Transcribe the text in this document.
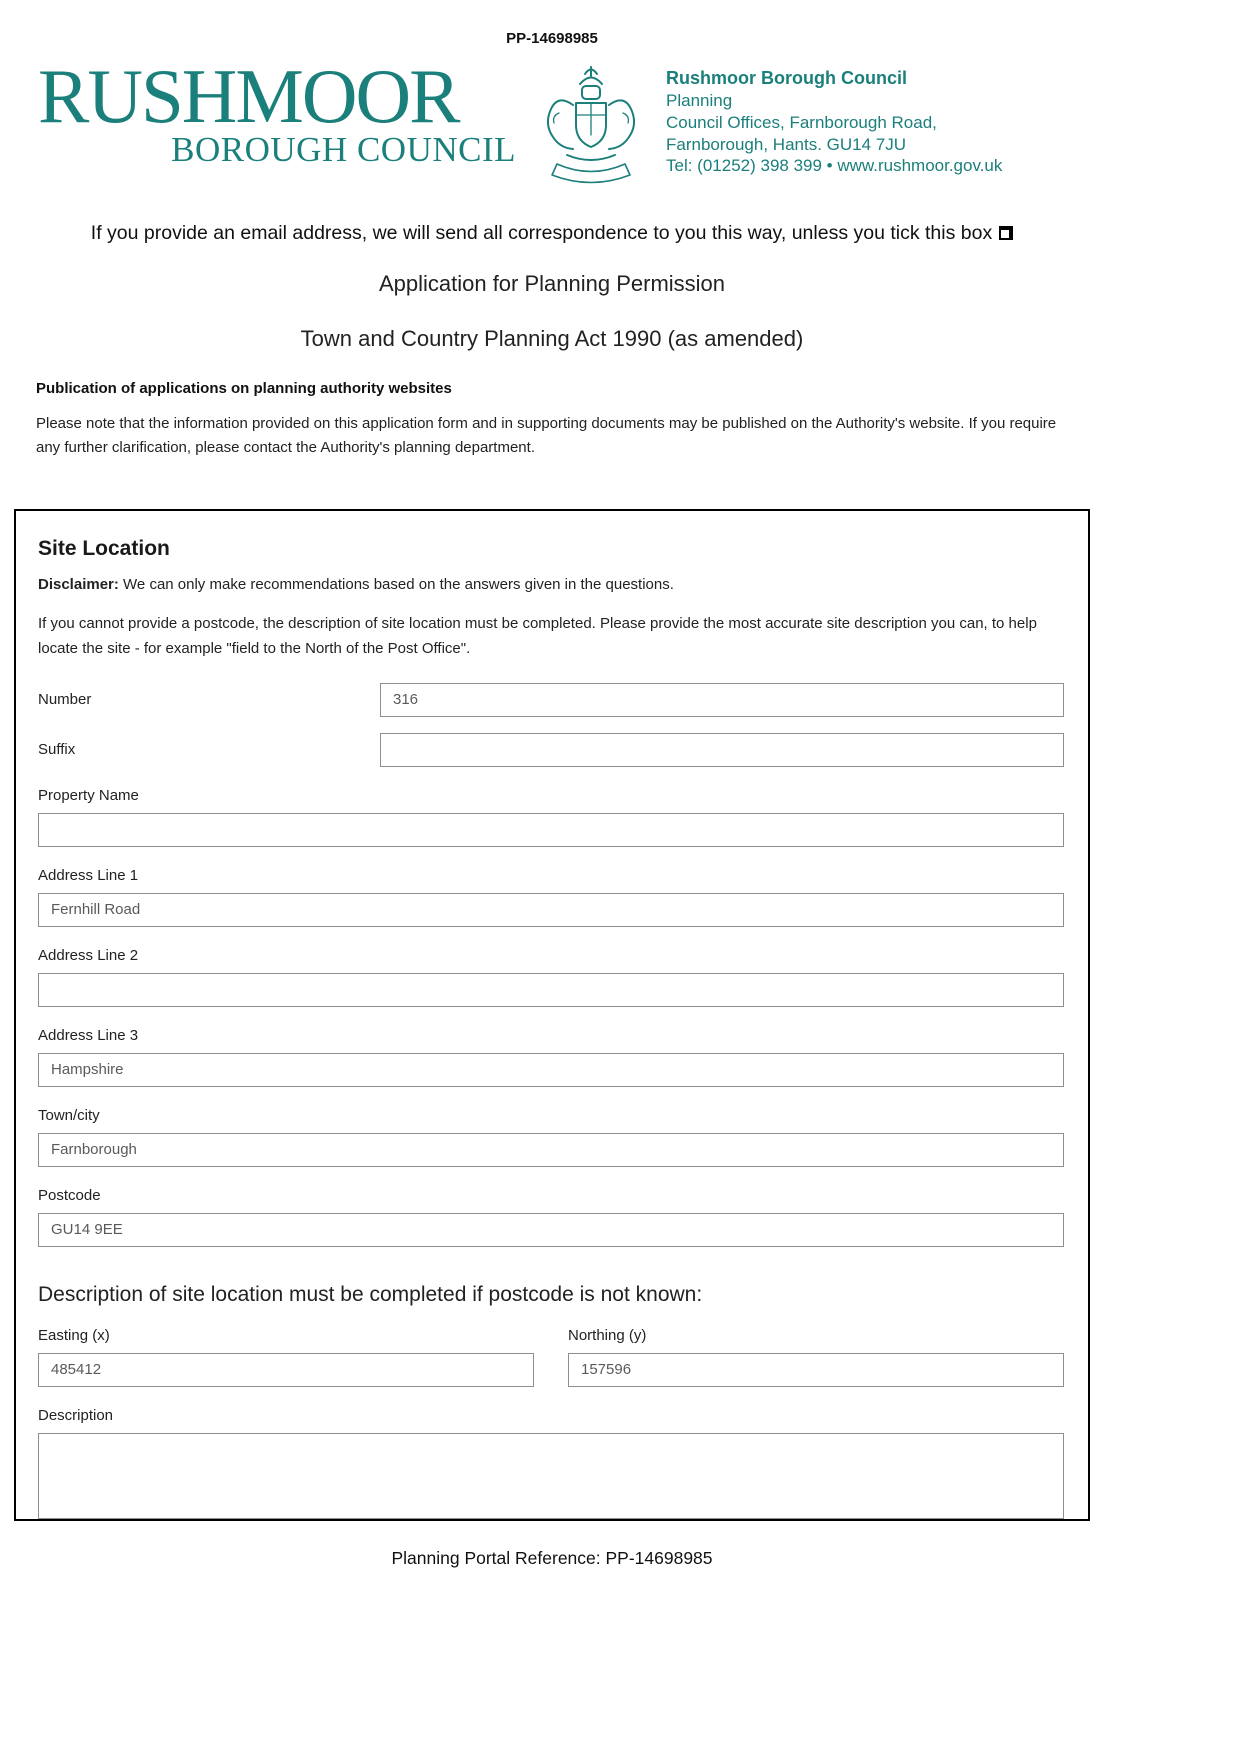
PP-14698985
RUSHMOOR
BOROUGH COUNCIL
Rushmoor Borough Council
Planning
Council Offices, Farnborough Road,
Farnborough, Hants. GU14 7JU
Tel: (01252) 398 399 • www.rushmoor.gov.uk
If you provide an email address, we will send all correspondence to you this way, unless you tick this box
Application for Planning Permission
Town and Country Planning Act 1990 (as amended)
Publication of applications on planning authority websites
Please note that the information provided on this application form and in supporting documents may be published on the Authority's website. If you require any further clarification, please contact the Authority's planning department.
Site Location
Disclaimer: We can only make recommendations based on the answers given in the questions.
If you cannot provide a postcode, the description of site location must be completed. Please provide the most accurate site description you can, to help locate the site - for example "field to the North of the Post Office".
Number
316
Suffix
Property Name
Address Line 1
Fernhill Road
Address Line 2
Address Line 3
Hampshire
Town/city
Farnborough
Postcode
GU14 9EE
Description of site location must be completed if postcode is not known:
Easting (x)
485412	Northing (y)
157596
Description
Planning Portal Reference: PP-14698985
